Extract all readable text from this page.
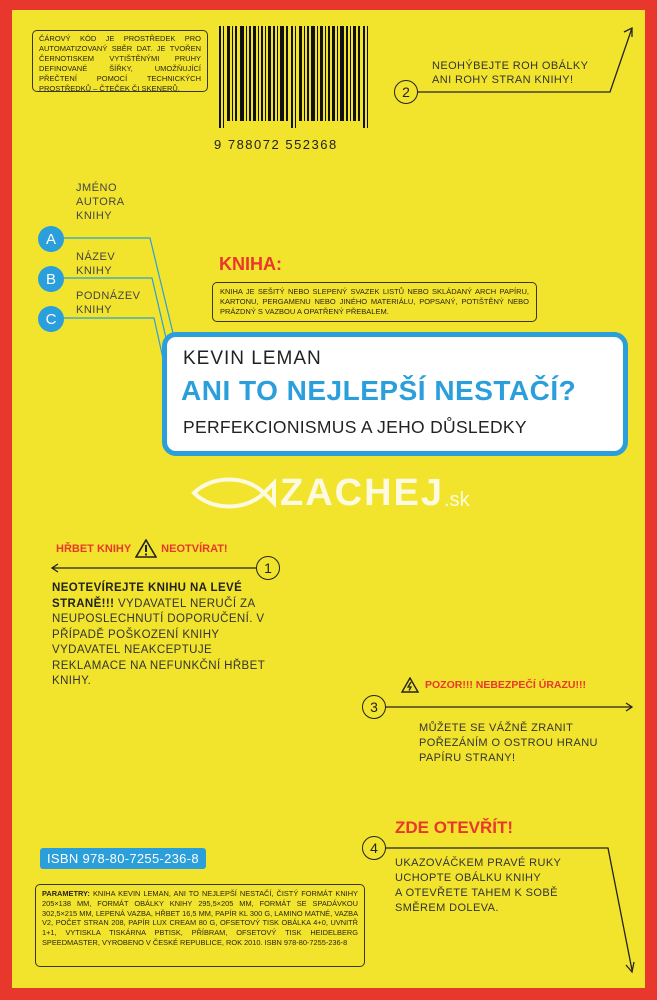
ČÁROVÝ KÓD JE PROSTŘEDEK PRO AUTOMATIZOVANÝ SBĚR DAT. JE TVOŘEN ČERNOTISKEM VYTIŠTĚNÝMI PRUHY DEFINOVANÉ ŠÍŘKY, UMOŽŇUJÍCÍ PŘEČTENÍ POMOCÍ TECHNICKÝCH PROSTŘEDKŮ – ČTEČEK ČI SKENERŮ.
9 788072 552368
2
NEOHÝBEJTE ROH OBÁLKY
ANI ROHY STRAN KNIHY!
JMÉNO
AUTORA
KNIHY
A
NÁZEV
KNIHY
B
PODNÁZEV
KNIHY
C
KNIHA:
KNIHA JE SEŠITÝ NEBO SLEPENÝ SVAZEK LISTŮ NEBO SKLÁDANÝ ARCH PAPÍRU, KARTONU, PERGAMENU NEBO JINÉHO MATERIÁLU, POPSANÝ, POTIŠTĚNÝ NEBO PRÁZDNÝ S VAZBOU A OPATŘENÝ PŘEBALEM.
KEVIN LEMAN
ANI TO NEJLEPŠÍ NESTAČÍ?
PERFEKCIONISMUS A JEHO DŮSLEDKY
ZACHEJ .sk
HŘBET KNIHY	NEOTVÍRAT!
1
NEOTEVÍREJTE KNIHU NA LEVÉ STRANĚ!!! VYDAVATEL NERUČÍ ZA NEUPOSLECHNUTÍ DOPORUČENÍ. V PŘÍPADĚ POŠKOZENÍ KNIHY VYDAVATEL NEAKCEPTUJE REKLAMACE NA NEFUNKČNÍ HŘBET KNIHY.	POZOR!!! NEBEZPEČÍ ÚRAZU!!!
3
MŮŽETE SE VÁŽNĚ ZRANIT
POŘEZÁNÍM O OSTROU HRANU
PAPÍRU STRANY!
ZDE OTEVŘÍT!
4
UKAZOVÁČKEM PRAVÉ RUKY
UCHOPTE OBÁLKU KNIHY
A OTEVŘETE TAHEM K SOBĚ
SMĚREM DOLEVA.
ISBN 978-80-7255-236-8
PARAMETRY: KNIHA KEVIN LEMAN, ANI TO NEJLEPŠÍ NESTAČÍ, ČISTÝ FORMÁT KNIHY 205×138 MM, FORMÁT OBÁLKY KNIHY 295,5×205 MM, FORMÁT SE SPADÁVKOU 302,5×215 MM, LEPENÁ VAZBA, HŘBET 16,5 MM, PAPÍR KL 300 G, LAMINO MATNÉ, VAZBA V2, POČET STRAN 208, PAPÍR LUX CREAM 80 G, OFSETOVÝ TISK OBÁLKA 4+0, UVNITŘ 1+1, VYTISKLA TISKÁRNA PBTISK, PŘÍBRAM, OFSETOVÝ TISK HEIDELBERG SPEEDMASTER, VYROBENO V ČESKÉ REPUBLICE, ROK 2010. ISBN 978-80-7255-236-8
